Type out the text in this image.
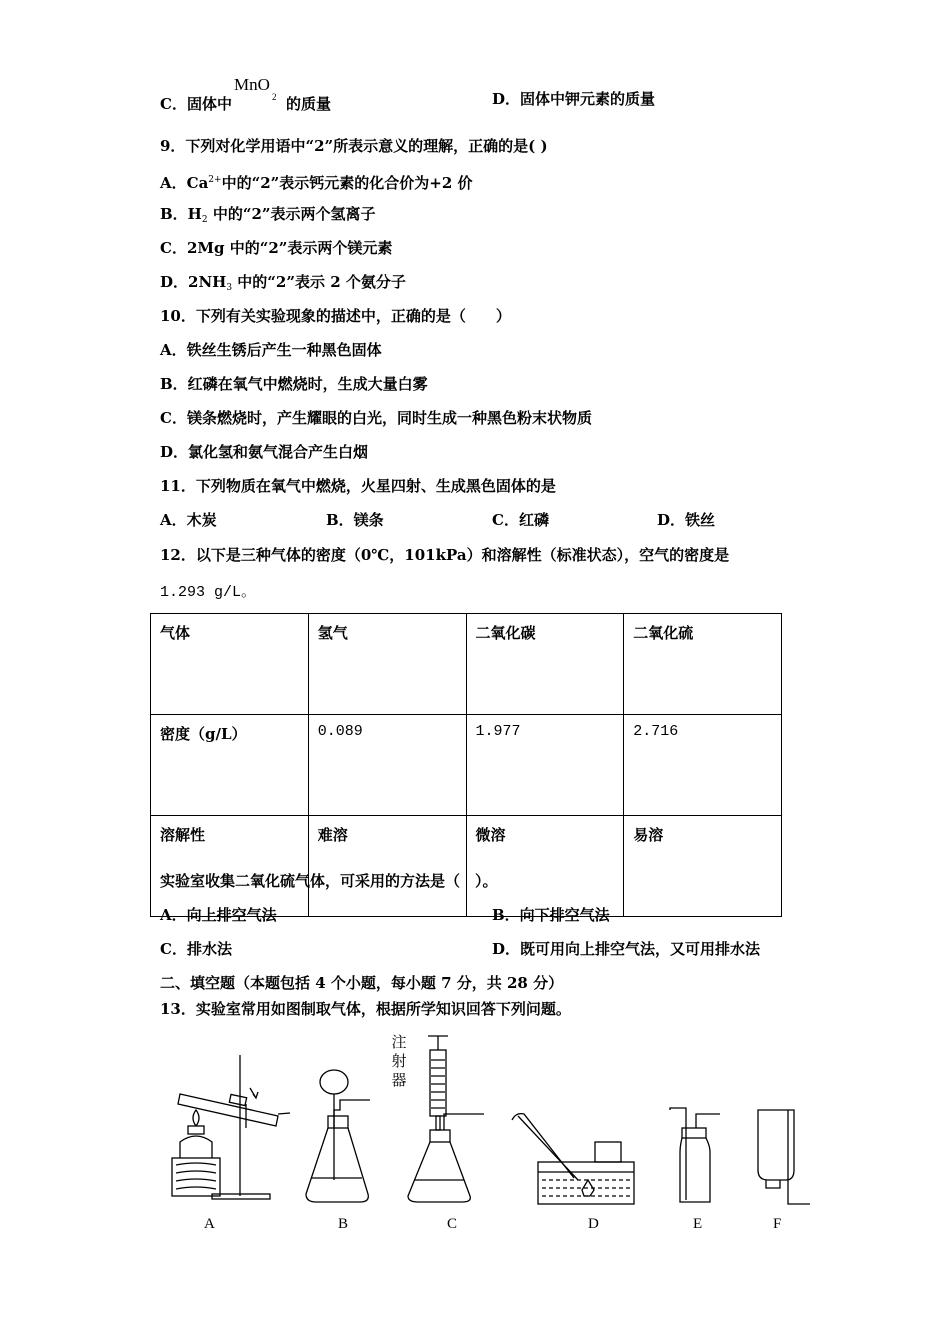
C．固体中
MnO
2 的质量	D．固体中钾元素的质量
9．下列对化学用语中“2”所表示意义的理解，正确的是( )
A．$Ca^{2+}$中的“2”表示钙元素的化合价为+2 价
B．$H_2$ 中的“2”表示两个氢离子
C．2Mg 中的“2”表示两个镁元素
D．$2NH_3$ 中的“2”表示 2 个氨分子
10．下列有关实验现象的描述中，正确的是（　　）
A．铁丝生锈后产生一种黑色固体
B．红磷在氧气中燃烧时，生成大量白雾
C．镁条燃烧时，产生耀眼的白光，同时生成一种黑色粉末状物质
D．氯化氢和氨气混合产生白烟
11．下列物质在氧气中燃烧，火星四射、生成黑色固体的是
A．木炭	B．镁条	C．红磷	D．铁丝
12．以下是三种气体的密度（0℃，101kPa）和溶解性（标准状态），空气的密度是
1.293 g/L。
气体	氢气	二氧化碳	二氧化硫
密度（g/L）	0.089	1.977	2.716
溶解性	难溶	微溶	易溶
实验室收集二氧化硫气体，可采用的方法是（　）。
A．向上排空气法	B．向下排空气法
C．排水法	D．既可用向上排空气法，又可用排水法
二、填空题（本题包括 4 个小题，每小题 7 分，共 28 分）
13．实验室常用如图制取气体，根据所学知识回答下列问题。
注
射
器
A	B	C	D	E	F
